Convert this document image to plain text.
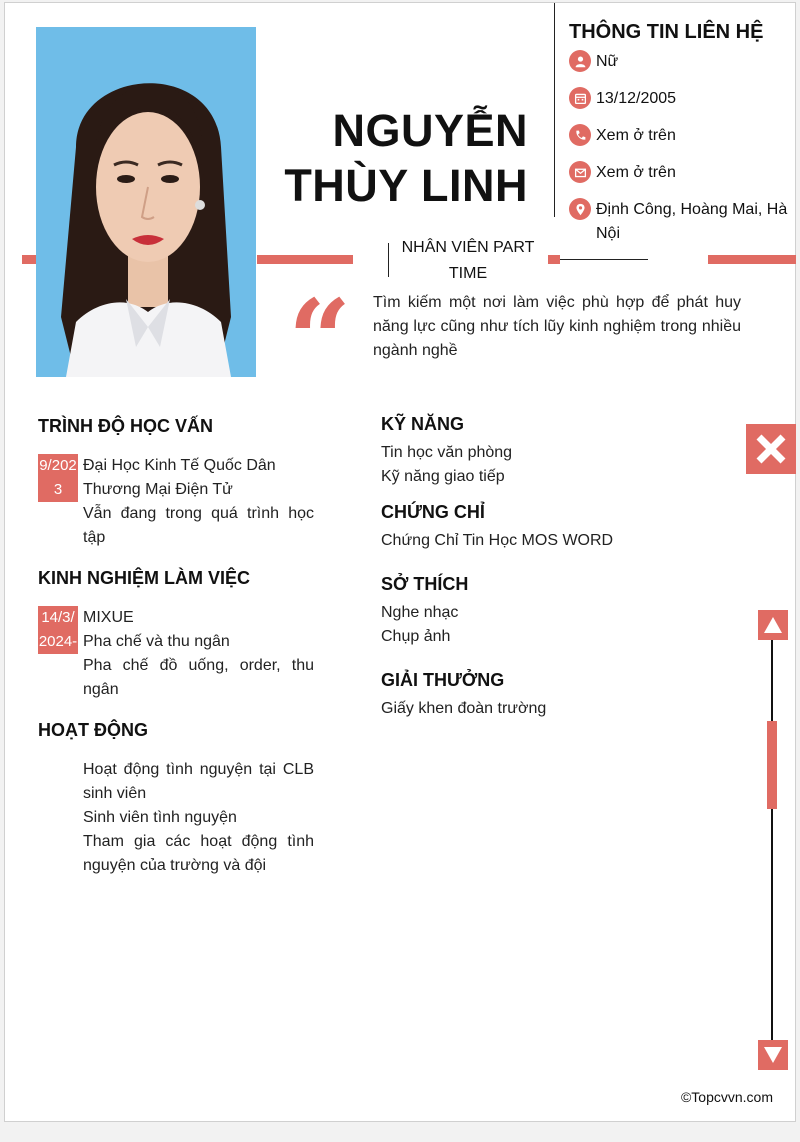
NGUYỄN
THÙY LINH
THÔNG TIN LIÊN HỆ
Nữ
13/12/2005
Xem ở trên
Xem ở trên
Định Công, Hoàng Mai, Hà Nội
NHÂN VIÊN PART
TIME
“ Tìm kiếm một nơi làm việc phù hợp để phát huy năng lực cũng như tích lũy kinh nghiệm trong nhiều ngành nghề
TRÌNH ĐỘ HỌC VẤN
9/2023
Đại Học Kinh Tế Quốc Dân
Thương Mại Điện Tử
Vẫn đang trong quá trình học tập
KINH NGHIỆM LÀM VIỆC
14/3/2024-
MIXUE
Pha chế và thu ngân
Pha chế đồ uống, order, thu ngân
HOẠT ĐỘNG
Hoạt động tình nguyện tại CLB sinh viên
Sinh viên tình nguyện
Tham gia các hoạt động tình nguyện của trường và đội
KỸ NĂNG
Tin học văn phòng
Kỹ năng giao tiếp
CHỨNG CHỈ
Chứng Chỉ Tin Học MOS WORD
SỞ THÍCH
Nghe nhạc
Chụp ảnh
GIẢI THƯỞNG
Giấy khen đoàn trường
©Topcvvn.com
